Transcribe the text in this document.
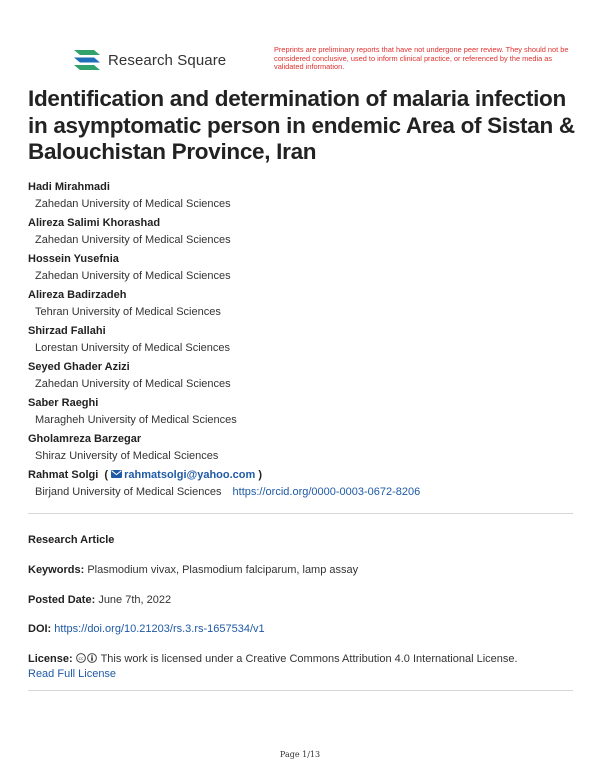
Research Square
Preprints are preliminary reports that have not undergone peer review. They should not be considered conclusive, used to inform clinical practice, or referenced by the media as validated information.
Identification and determination of malaria infection in asymptomatic person in endemic Area of Sistan & Balouchistan Province, Iran
Hadi Mirahmadi
Zahedan University of Medical Sciences
Alireza Salimi Khorashad
Zahedan University of Medical Sciences
Hossein Yusefnia
Zahedan University of Medical Sciences
Alireza Badirzadeh
Tehran University of Medical Sciences
Shirzad Fallahi
Lorestan University of Medical Sciences
Seyed Ghader Azizi
Zahedan University of Medical Sciences
Saber Raeghi
Maragheh University of Medical Sciences
Gholamreza Barzegar
Shiraz University of Medical Sciences
Rahmat Solgi ( rahmatsolgi@yahoo.com )
Birjand University of Medical Sciences https://orcid.org/0000-0003-0672-8206
Research Article
Keywords: Plasmodium vivax, Plasmodium falciparum, lamp assay
Posted Date: June 7th, 2022
DOI: https://doi.org/10.21203/rs.3.rs-1657534/v1
License: cc This work is licensed under a Creative Commons Attribution 4.0 International License.
Read Full License
Page 1/13
